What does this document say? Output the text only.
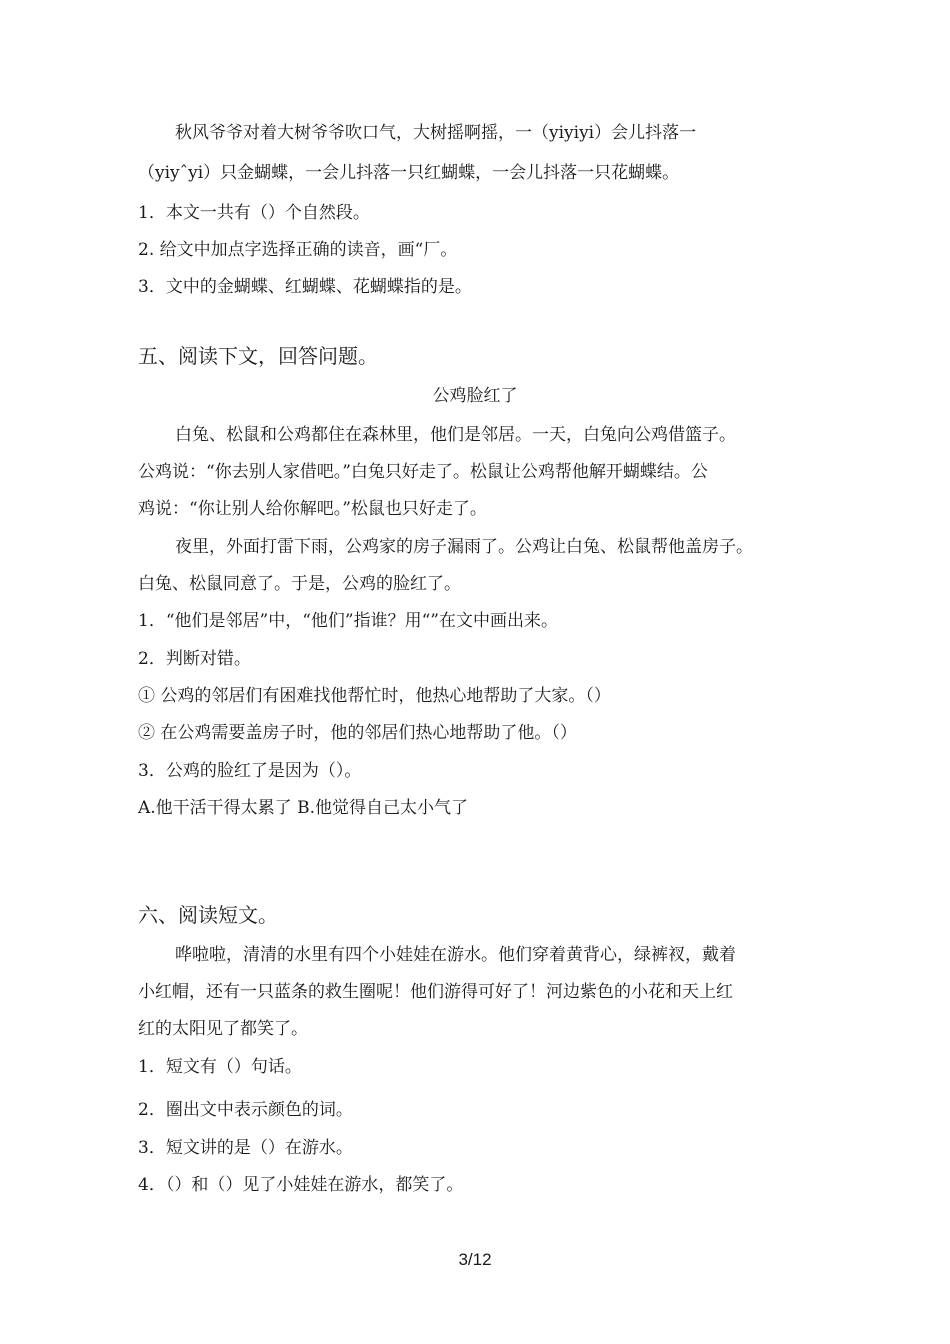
秋风爷爷对着大树爷爷吹口气，大树摇啊摇，一（yiyiyi）会儿抖落一
（yiyˆyi）只金蝴蝶，一会儿抖落一只红蝴蝶，一会儿抖落一只花蝴蝶。
1．本文一共有（）个自然段。
2. 给文中加点字选择正确的读音，画“厂。
3．文中的金蝴蝶、红蝴蝶、花蝴蝶指的是。
五、阅读下文，回答问题。
公鸡脸红了
白兔、松鼠和公鸡都住在森林里，他们是邻居。一天，白兔向公鸡借篮子。
公鸡说：“你去别人家借吧。”白兔只好走了。松鼠让公鸡帮他解开蝴蝶结。公
鸡说：“你让别人给你解吧。”松鼠也只好走了。
夜里，外面打雷下雨，公鸡家的房子漏雨了。公鸡让白兔、松鼠帮他盖房子。
白兔、松鼠同意了。于是，公鸡的脸红了。
1．“他们是邻居”中，“他们”指谁？用“”在文中画出来。
2．判断对错。
① 公鸡的邻居们有困难找他帮忙时，他热心地帮助了大家。（）
② 在公鸡需要盖房子时，他的邻居们热心地帮助了他。（）
3．公鸡的脸红了是因为（）。
A.他干活干得太累了 B.他觉得自己太小气了
六、阅读短文。
哗啦啦，清清的水里有四个小娃娃在游水。他们穿着黄背心，绿裤衩，戴着
小红帽，还有一只蓝条的救生圈呢！他们游得可好了！河边紫色的小花和天上红
红的太阳见了都笑了。
1．短文有（）句话。
2．圈出文中表示颜色的词。
3．短文讲的是（）在游水。
4．（）和（）见了小娃娃在游水，都笑了。
3/12
